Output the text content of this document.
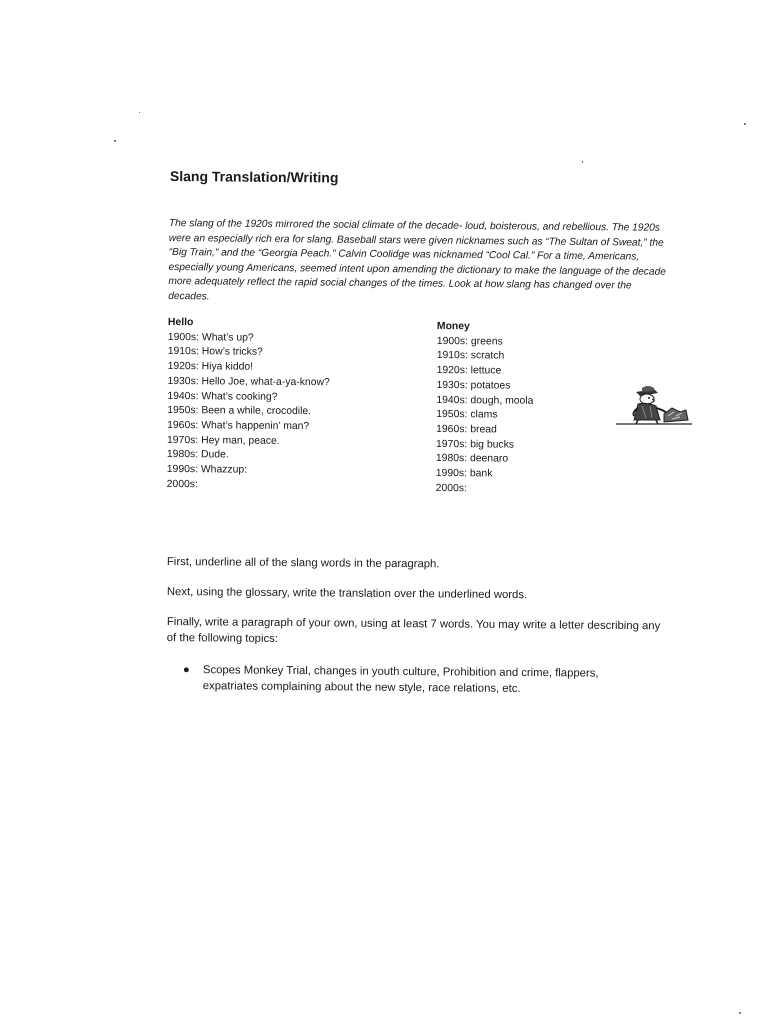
Slang Translation/Writing
The slang of the 1920s mirrored the social climate of the decade- loud, boisterous, and rebellious. The 1920s were an especially rich era for slang. Baseball stars were given nicknames such as “The Sultan of Sweat,” the “Big Train,” and the “Georgia Peach.” Calvin Coolidge was nicknamed “Cool Cal.” For a time, Americans, especially young Americans, seemed intent upon amending the dictionary to make the language of the decade more adequately reflect the rapid social changes of the times. Look at how slang has changed over the decades.
Hello
1900s: What’s up?
1910s: How’s tricks?
1920s: Hiya kiddo!
1930s: Hello Joe, what-a-ya-know?
1940s: What’s cooking?
1950s: Been a while, crocodile.
1960s: What’s happenin’ man?
1970s: Hey man, peace.
1980s: Dude.
1990s: Whazzup:
2000s:
Money
1900s: greens
1910s: scratch
1920s: lettuce
1930s: potatoes
1940s: dough, moola
1950s: clams
1960s: bread
1970s: big bucks
1980s: deenaro
1990s: bank
2000s:
First, underline all of the slang words in the paragraph.
Next, using the glossary, write the translation over the underlined words.
Finally, write a paragraph of your own, using at least 7 words. You may write a letter describing any of the following topics:
● Scopes Monkey Trial, changes in youth culture, Prohibition and crime, flappers, expatriates complaining about the new style, race relations, etc.
